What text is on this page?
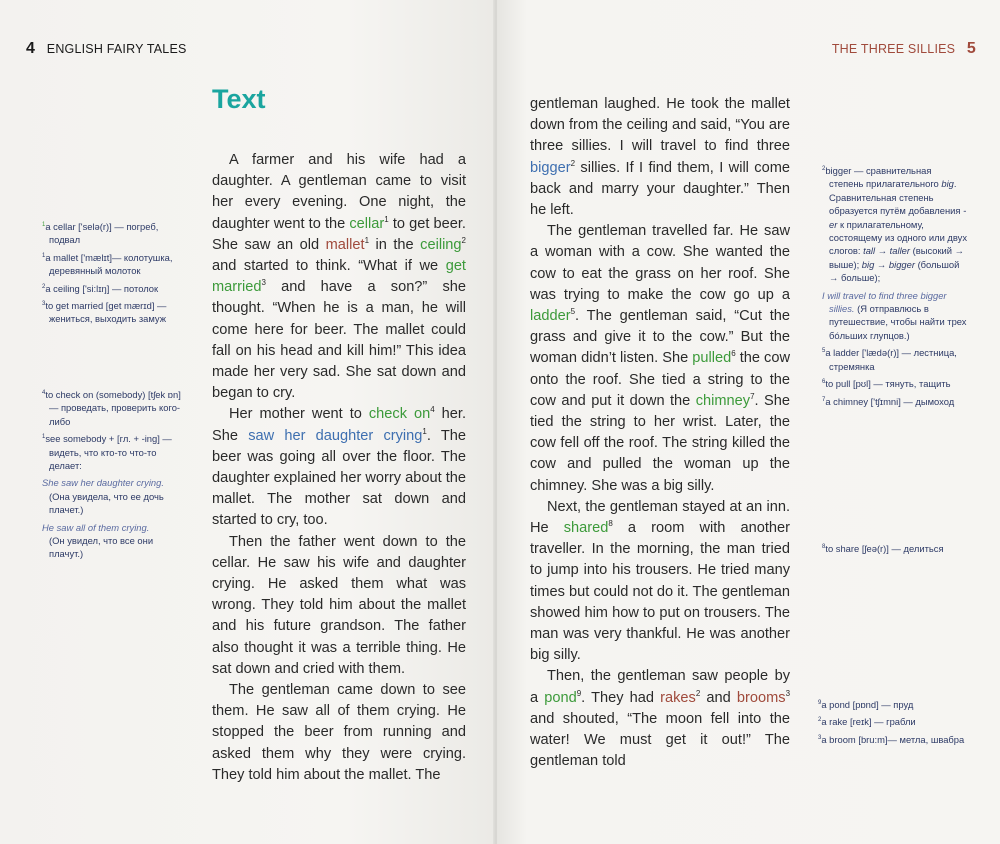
4 ENGLISH FAIRY TALES
Text
$^1$a cellar ['selə(r)] — погреб, подвал
$^1$a mallet ['mælɪt]— колотушка, деревянный молоток
$^2$a ceiling ['si:lɪŋ] — потолок
$^3$to get married [get mærɪd] — жениться, выходить замуж
$^4$to check on (somebody) [tʃek ɒn] — проведать, проверить кого-либо
$^1$see somebody + [гл. + -ing] — видеть, что кто-то что-то делает:
She saw her daughter crying.
(Она увидела, что ее дочь плачет.)
He saw all of them crying.
(Он увидел, что все они плачут.)

A farmer and his wife had a daughter. A gentleman came to visit her every evening. One night, the daughter went to the cellar$^1$ to get beer. She saw an old mallet$^1$ in the ceiling$^2$ and started to think. “What if we get married$^3$ and have a son?” she thought. “When he is a man, he will come here for beer. The mallet could fall on his head and kill him!” This idea made her very sad. She sat down and began to cry.

Her mother went to check $on^4$ her. She saw her daughter crying$^1$. The beer was going all over the floor. The daughter explained her worry about the mallet. The mother sat down and started to cry, too.

Then the father went down to the cellar. He saw his wife and daughter crying. He asked them what was wrong. They told him about the mallet and his future grandson. The father also thought it was a terrible thing. He sat down and cried with them.

The gentleman came down to see them. He saw all of them crying. He stopped the beer from running and asked them why they were crying. They told him about the mallet. The

THE THREE SILLIES 5

gentleman laughed. He took the mallet down from the ceiling and said, “You are three sillies. I will travel to find three bigger$^2$ sillies. If I find them, I will come back and marry your daughter.” Then he left.

The gentleman travelled far. He saw a woman with a cow. She wanted the cow to eat the grass on her roof. She was trying to make the cow go up a ladder$^5$. The gentleman said, “Cut the grass and give it to the cow.” But the woman didn’t listen. She pulled$^6$ the cow onto the roof. She tied a string to the cow and put it down the chimney$^7$. She tied the string to her wrist. Later, the cow fell off the roof. The string killed the cow and pulled the woman up the chimney. She was a big silly.

Next, the gentleman stayed at an inn. He shared$^8$ a room with another traveller. In the morning, the man tried to jump into his trousers. He tried many times but could not do it. The gentleman showed him how to put on trousers. The man was very thankful. He was another big silly.

Then, the gentleman saw people by a pond$^9$. They had rakes$^2$ and brooms$^3$ and shouted, “The moon fell into the water! We must get it out!” The gentleman told

$^2$bigger — сравнительная степень прилагательного big. Сравнительная степень образуется путём добавления -er к прилагательному, состоящему из одного или двух слогов: tall → taller (высокий → выше); big → bigger (большой → больше);
I will travel to find three bigger sillies. (Я отправлюсь в путешествие, чтобы найти трех бóльших глупцов.)
$^5$a ladder ['lædə(r)] — лестница, стремянка
$^6$to pull [pʊl] — тянуть, тащить
$^7$a chimney ['tʃɪmni] — дымоход
$^8$to share [ʃeə(r)] — делиться
$^9$a pond [pɒnd] — пруд
$^2$a rake [reɪk] — грабли
$^3$a broom [bru:m]— метла, швабра
